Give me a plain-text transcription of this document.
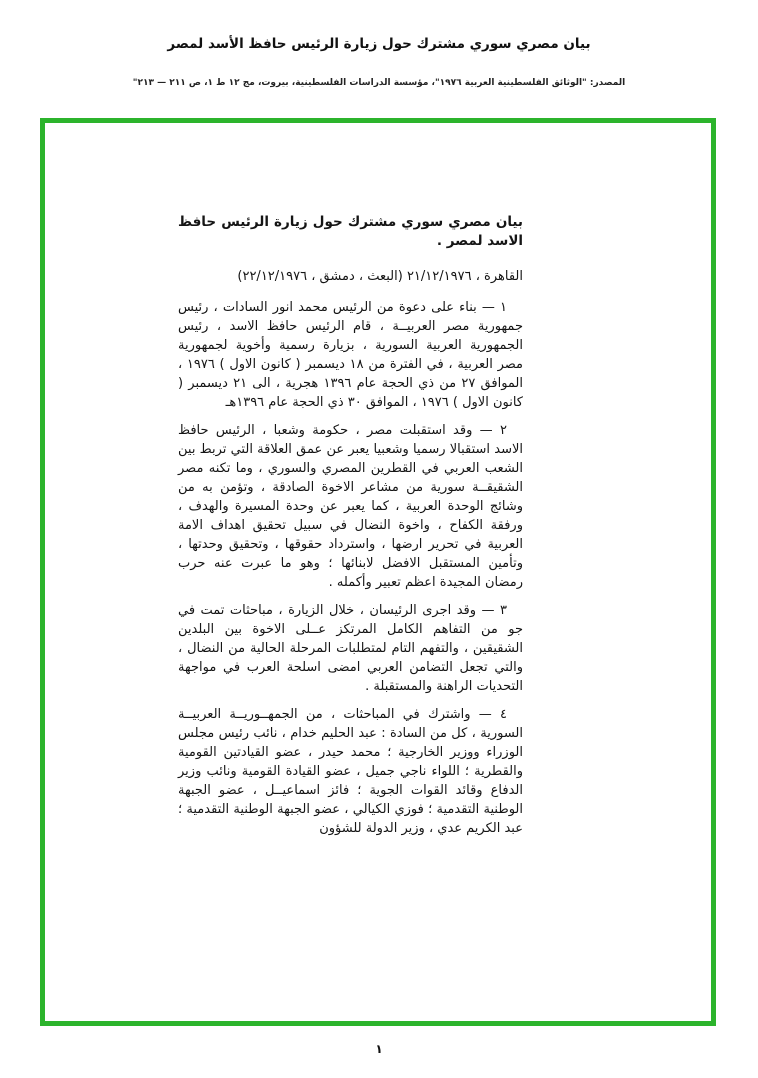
بيان مصري سوري مشترك حول زيارة الرئيس حافظ الأسد لمصر
المصدر: "الوثائق الفلسطينية العربية ١٩٧٦"، مؤسسة الدراسات الفلسطينية، بيروت، مج ١٢ ط ١، ص ٢١١ — ٢١٣"

بيان مصري سوري مشترك حول زيارة الرئيس حافظ الاسد لمصر .

القاهرة ، ٢١/١٢/١٩٧٦ (البعث ، دمشق ، ٢٢/١٢/١٩٧٦)

١ — بناء على دعوة من الرئيس محمد انور السادات ، رئيس جمهورية مصر العربيــة ، قام الرئيس حافظ الاسد ، رئيس الجمهورية العربية السورية ، بزيارة رسمية وأخوية لجمهورية مصر العربية ، في الفترة من ١٨ ديسمبر ( كانون الاول ) ١٩٧٦ ، الموافق ٢٧ من ذي الحجة عام ١٣٩٦ هجرية ، الى ٢١ ديسمبر ( كانون الاول ) ١٩٧٦ ، الموافق ٣٠ ذي الحجة عام ١٣٩٦هـ

٢ — وقد استقبلت مصر ، حكومة وشعبا ، الرئيس حافظ الاسد استقبالا رسميا وشعبيا يعبر عن عمق العلاقة التي تربط بين الشعب العربي في القطرين المصري والسوري ، وما تكنه مصر الشقيقــة سورية من مشاعر الاخوة الصادقة ، وتؤمن به من وشائج الوحدة العربية ، كما يعبر عن وحدة المسيرة والهدف ، ورفقة الكفاح ، واخوة النضال في سبيل تحقيق اهداف الامة العربية في تحرير ارضها ، واسترداد حقوقها ، وتحقيق وحدتها ، وتأمين المستقبل الافضل لابنائها ؛ وهو ما عبرت عنه حرب رمضان المجيدة اعظم تعبير وأكمله .

٣ — وقد اجرى الرئيسان ، خلال الزيارة ، مباحثات تمت في جو من التفاهم الكامل المرتكز عــلى الاخوة بين البلدين الشقيقين ، والتفهم التام لمتطلبات المرحلة الحالية من النضال ، والتي تجعل التضامن العربي امضى اسلحة العرب في مواجهة التحديات الراهنة والمستقبلة .

٤ — واشترك في المباحثات ، من الجمهــوريــة العربيــة السورية ، كل من السادة : عبد الحليم خدام ، نائب رئيس مجلس الوزراء ووزير الخارجية ؛ محمد حيدر ، عضو القيادتين القومية والقطرية ؛ اللواء ناجي جميل ، عضو القيادة القومية ونائب وزير الدفاع وقائد القوات الجوية ؛ فائز اسماعيــل ، عضو الجبهة الوطنية التقدمية ؛ فوزي الكيالي ، عضو الجبهة الوطنية التقدمية ؛ عبد الكريم عدي ، وزير الدولة للشؤون

١
